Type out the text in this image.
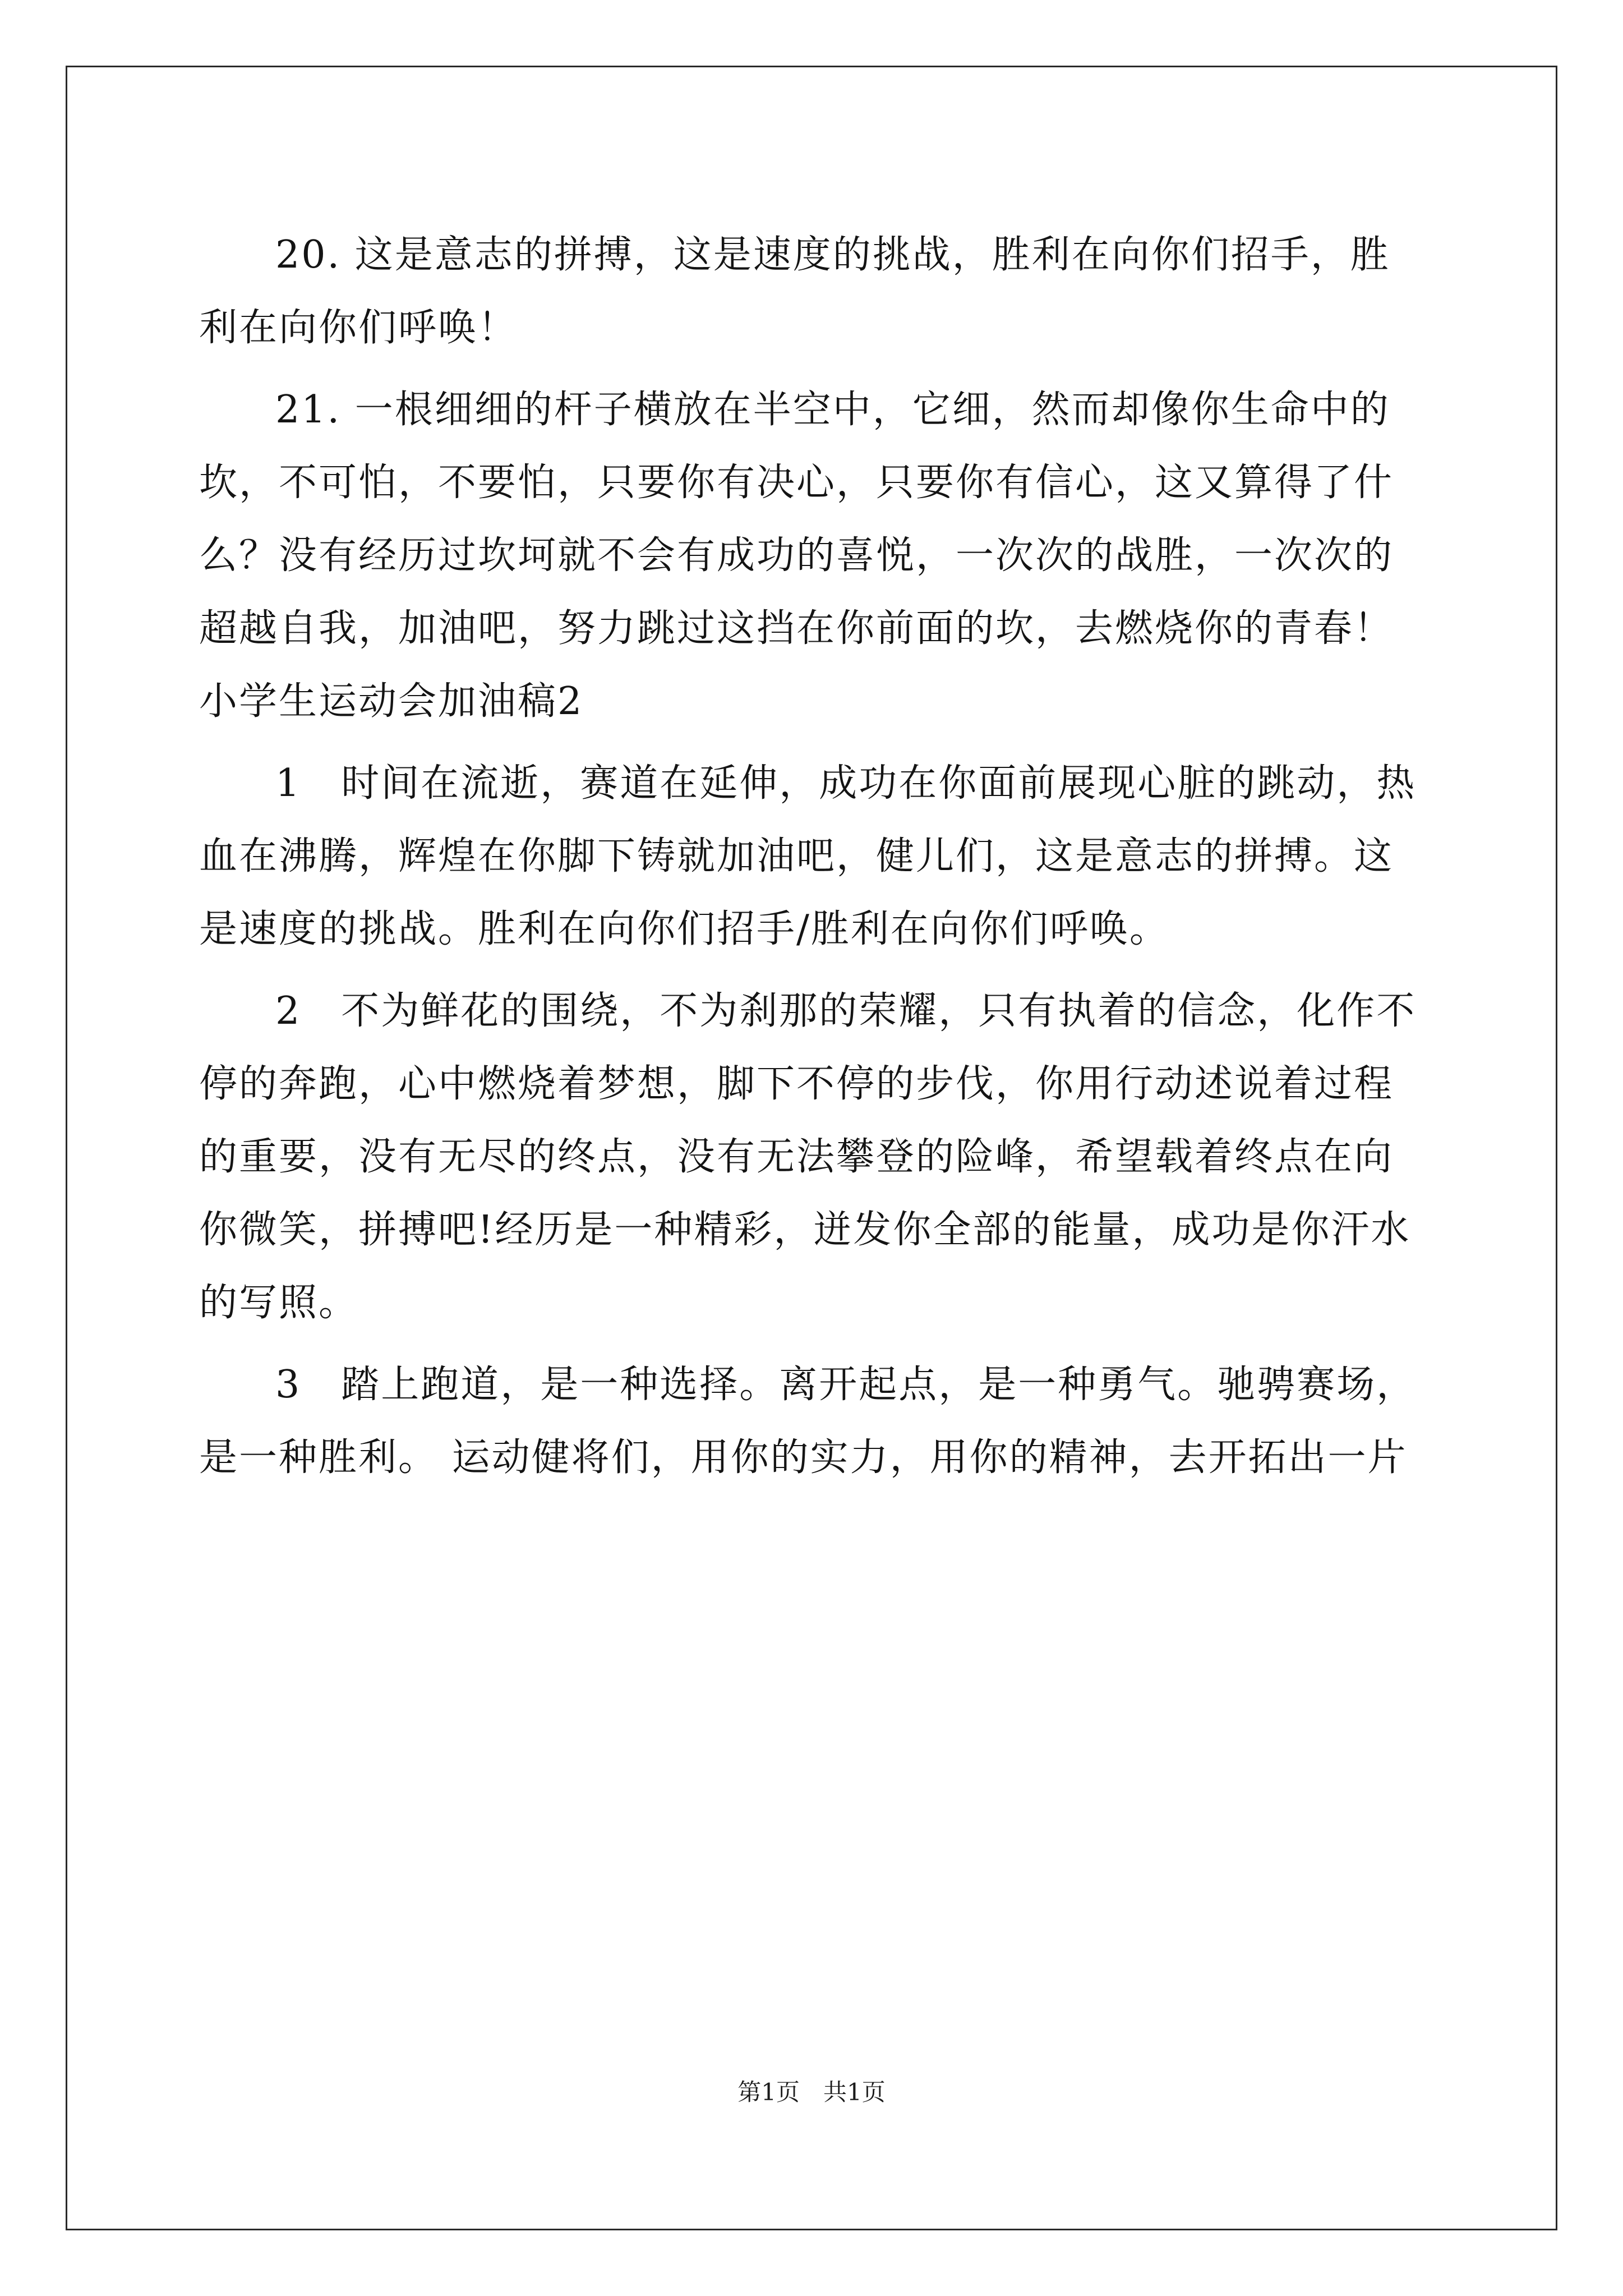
20. 这是意志的拼搏，这是速度的挑战，胜利在向你们招手，胜利在向你们呼唤！

21. 一根细细的杆子横放在半空中，它细，然而却像你生命中的坎，不可怕，不要怕，只要你有决心，只要你有信心，这又算得了什么？没有经历过坎坷就不会有成功的喜悦，一次次的战胜，一次次的超越自我，加油吧，努力跳过这挡在你前面的坎，去燃烧你的青春！

小学生运动会加油稿2

1　时间在流逝，赛道在延伸，成功在你面前展现心脏的跳动，热血在沸腾，辉煌在你脚下铸就加油吧，健儿们，这是意志的拼搏。这是速度的挑战。胜利在向你们招手/胜利在向你们呼唤。

2　不为鲜花的围绕，不为刹那的荣耀，只有执着的信念，化作不停的奔跑，心中燃烧着梦想，脚下不停的步伐，你用行动述说着过程的重要，没有无尽的终点，没有无法攀登的险峰，希望载着终点在向你微笑，拼搏吧!经历是一种精彩，迸发你全部的能量，成功是你汗水的写照。

3　踏上跑道，是一种选择。离开起点，是一种勇气。驰骋赛场，是一种胜利。 运动健将们，用你的实力，用你的精神，去开拓出一片

第1页　共1页
